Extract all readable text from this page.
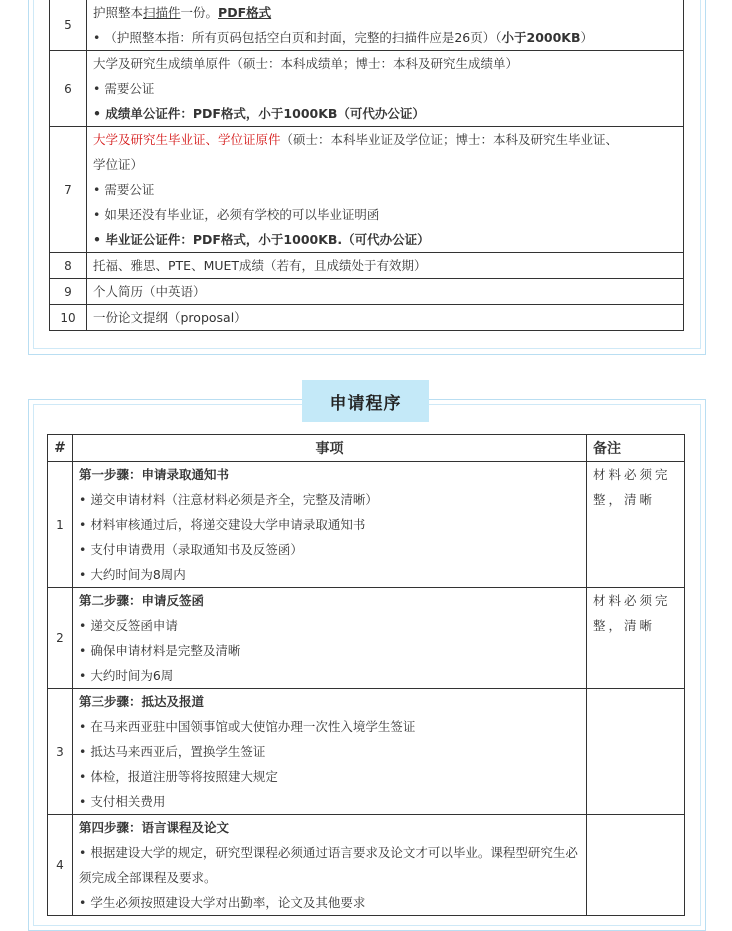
5	护照整本扫描件一份。PDF格式
• （护照整本指：所有页码包括空白页和封面，完整的扫描件应是26页）（小于2000KB）

6	大学及研究生成绩单原件（硕士：本科成绩单；博士：本科及研究生成绩单）
• 需要公证
• 成绩单公证件：PDF格式，小于1000KB（可代办公证）

7	大学及研究生毕业证、学位证原件（硕士：本科毕业证及学位证；博士：本科及研究生毕业证、
学位证）
• 需要公证
• 如果还没有毕业证，必须有学校的可以毕业证明函
• 毕业证公证件：PDF格式，小于1000KB.（可代办公证）

8	托福、雅思、PTE、MUET成绩（若有，且成绩处于有效期）

9	个人简历（中英语）

10	一份论文提纲（proposal）
申请程序
#	事项	备注
1	第一步骤：申请录取通知书
• 递交申请材料（注意材料必须是齐全，完整及清晰）
• 材料审核通过后，将递交建设大学申请录取通知书
• 支付申请费用（录取通知书及反签函）
• 大约时间为8周内	材料必须完整，清晰
2	第二步骤：申请反签函
• 递交反签函申请
• 确保申请材料是完整及清晰
• 大约时间为6周	材料必须完整，清晰
3	第三步骤：抵达及报道
• 在马来西亚驻中国领事馆或大使馆办理一次性入境学生签证
• 抵达马来西亚后，置换学生签证
• 体检，报道注册等将按照建大规定
• 支付相关费用	

4	第四步骤：语言课程及论文
• 根据建设大学的规定，研究型课程必须通过语言要求及论文才可以毕业。课程型研究生必须完成全部课程及要求。
• 学生必须按照建设大学对出勤率，论文及其他要求	
